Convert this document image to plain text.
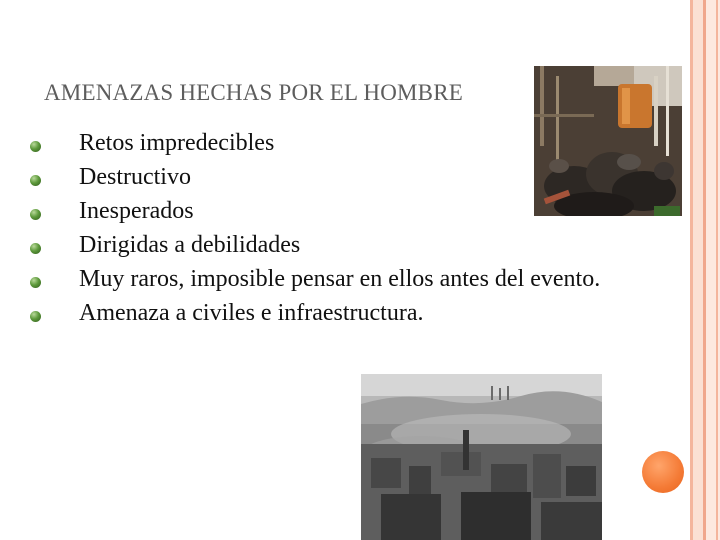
AMENAZAS HECHAS POR EL HOMBRE
Retos impredecibles
Destructivo
Inesperados
Dirigidas a debilidades
Muy raros, imposible pensar en ellos antes del evento.
Amenaza a civiles e infraestructura.
